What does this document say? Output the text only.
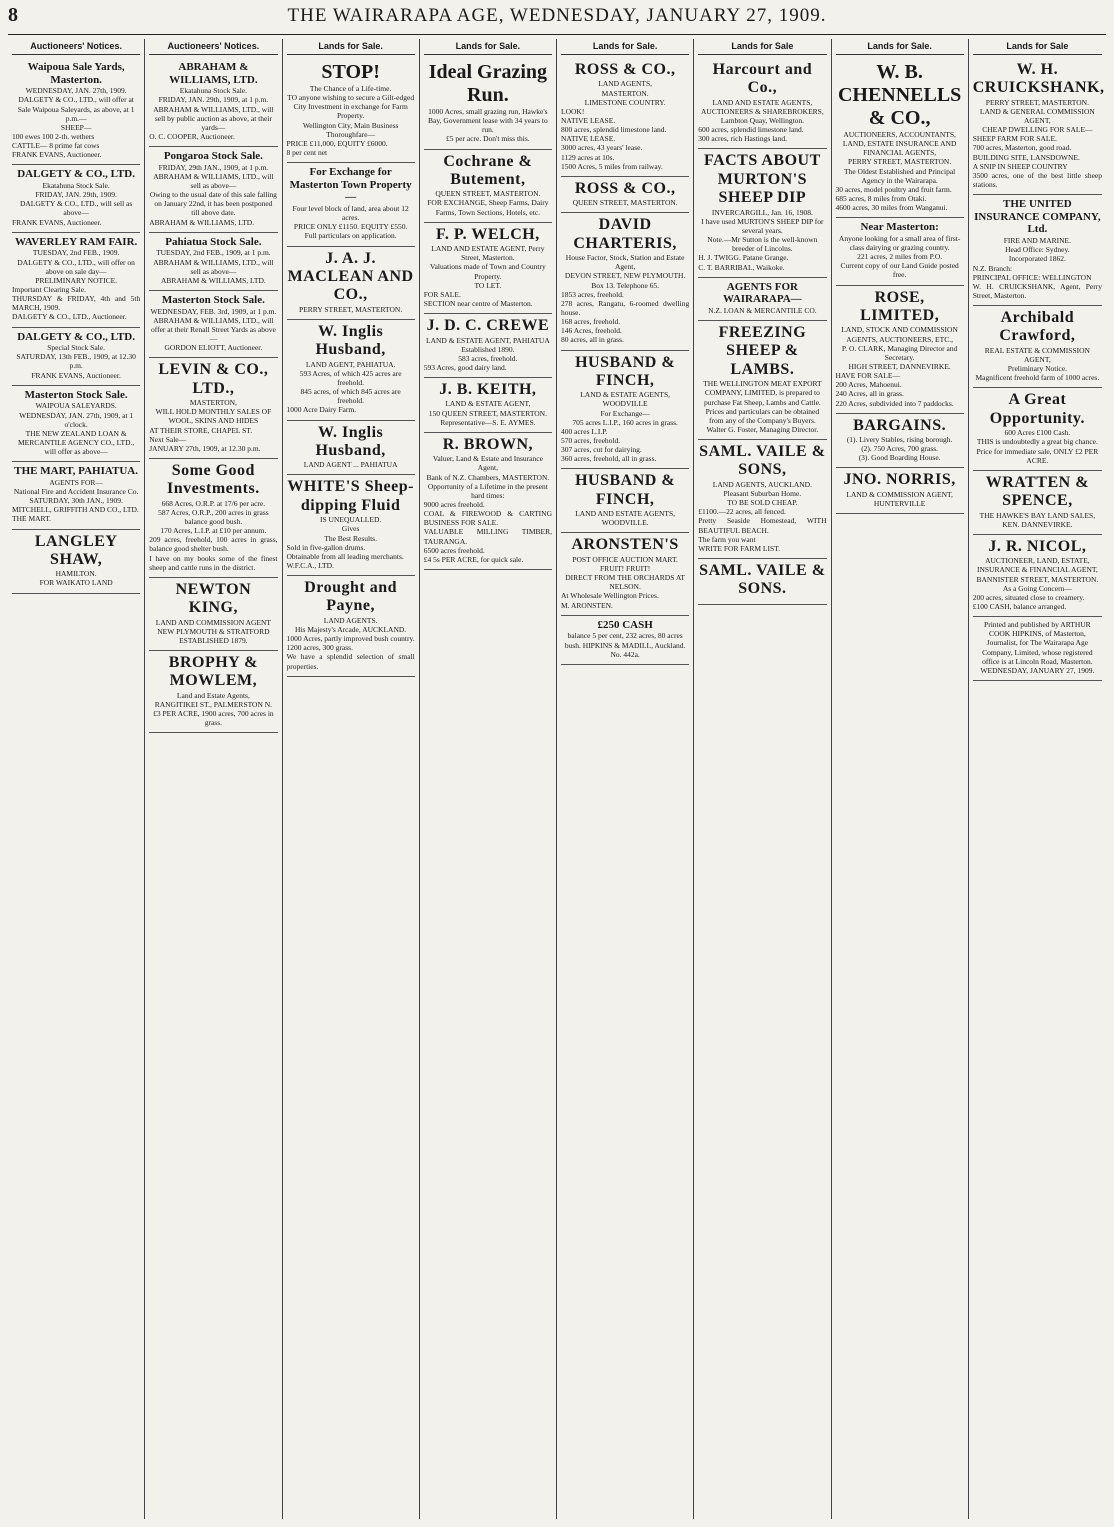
8	THE WAIRARAPA AGE, WEDNESDAY, JANUARY 27, 1909.
Auctioneers' Notices.
Waipoua Sale Yards, Masterton.
WEDNESDAY, JAN. 27th, 1909.
DALGETY & CO., LTD., will offer at Sale Waipoua Saleyards, as above, at 1 p.m.—
SHEEP—
100 ewes 100 2-th. wethers
CATTLE— 8 prime fat cows
FRANK EVANS, Auctioneer.
DALGETY & CO., LTD.
Ekatahuna Stock Sale.
FRIDAY, JAN. 29th, 1909.
DALGETY & CO., LTD., will sell as above—
FRANK EVANS, Auctioneer.
WAVERLEY RAM FAIR.
TUESDAY, 2nd FEB., 1909.
DALGETY & CO., LTD., will offer on above on sale day—
PRELIMINARY NOTICE.
Important Clearing Sale.
THURSDAY & FRIDAY, 4th and 5th MARCH, 1909.
DALGETY & CO., LTD., Auctioneer.
DALGETY & CO., LTD.
Special Stock Sale.
SATURDAY, 13th FEB., 1909, at 12.30 p.m.
FRANK EVANS, Auctioneer.
Masterton Stock Sale.
WAIPOUA SALEYARDS.
WEDNESDAY, JAN. 27th, 1909, at 1 o'clock.
THE NEW ZEALAND LOAN & MERCANTILE AGENCY CO., LTD., will offer as above—
THE MART, PAHIATUA.
AGENTS FOR—
National Fire and Accident Insurance Co.
SATURDAY, 30th JAN., 1909.
MITCHELL, GRIFFITH AND CO., LTD.
THE MART.
LANGLEY SHAW,
HAMILTON.
FOR WAIKATO LAND
Auctioneers' Notices.
ABRAHAM & WILLIAMS, LTD.
Ekatahuna Stock Sale.
FRIDAY, JAN. 29th, 1909, at 1 p.m.
ABRAHAM & WILLIAMS, LTD., will sell by public auction as above, at their yards—
O. C. COOPER, Auctioneer.
Pongaroa Stock Sale.
FRIDAY, 29th JAN., 1909, at 1 p.m.
ABRAHAM & WILLIAMS, LTD., will sell as above—
Owing to the usual date of this sale falling on January 22nd, it has been postponed till above date.
ABRAHAM & WILLIAMS, LTD.
Pahiatua Stock Sale.
TUESDAY, 2nd FEB., 1909, at 1 p.m.
ABRAHAM & WILLIAMS, LTD., will sell as above—
ABRAHAM & WILLIAMS, LTD.
Masterton Stock Sale.
WEDNESDAY, FEB. 3rd, 1909, at 1 p.m.
ABRAHAM & WILLIAMS, LTD., will offer at their Renall Street Yards as above—
GORDON ELIOTT, Auctioneer.
LEVIN & CO., LTD.,
MASTERTON,
WILL HOLD MONTHLY SALES OF
WOOL, SKINS AND HIDES
AT THEIR STORE, CHAPEL ST.
Next Sale—
JANUARY 27th, 1909, at 12.30 p.m.
Some Good Investments.
668 Acres, O.R.P. at 17/6 per acre.
587 Acres, O.R.P., 200 acres in grass balance good bush.
170 Acres, L.I.P. at £10 per annum.
209 acres, freehold, 100 acres in grass, balance good shelter bush.
I have on my books some of the finest sheep and cattle runs in the district.
NEWTON KING,
LAND AND COMMISSION AGENT
NEW PLYMOUTH & STRATFORD
ESTABLISHED 1879.
BROPHY & MOWLEM,
Land and Estate Agents,
RANGITIKEI ST., PALMERSTON N.
£3 PER ACRE, 1900 acres, 700 acres in grass.
Lands for Sale.
STOP!
The Chance of a Life-time.
TO anyone wishing to secure a Gilt-edged City Investment in exchange for Farm Property.
Wellington City, Main Business Thoroughfare—
PRICE £11,000, EQUITY £6000.
8 per cent net
For Exchange for Masterton Town Property—
Four level block of land, area about 12 acres.
PRICE ONLY £1150. EQUITY £550.
Full particulars on application.
J. A. J. MACLEAN AND CO.,
PERRY STREET, MASTERTON.
W. Inglis Husband,
LAND AGENT, PAHIATUA.
593 Acres, of which 425 acres are freehold.
845 acres, of which 845 acres are freehold.
1000 Acre Dairy Farm.
W. Inglis Husband,
LAND AGENT ... PAHIATUA
WHITE'S Sheep-dipping Fluid
IS UNEQUALLED.
Gives
The Best Results.
Sold in five-gallon drums.
Obtainable from all leading merchants.
W.F.C.A., LTD.
Drought and Payne,
LAND AGENTS.
His Majesty's Arcade, AUCKLAND.
1000 Acres, partly improved bush country.
1200 acres, 300 grass.
We have a splendid selection of small properties.
Lands for Sale.
Ideal Grazing Run.
1000 Acres, small grazing run, Hawke's Bay, Government lease with 34 years to run.
£5 per acre. Don't miss this.
Cochrane & Butement,
QUEEN STREET, MASTERTON.
FOR EXCHANGE, Sheep Farms, Dairy Farms, Town Sections, Hotels, etc.
F. P. WELCH,
LAND AND ESTATE AGENT, Perry Street, Masterton.
Valuations made of Town and Country Property.
TO LET.
FOR SALE.
SECTION near centre of Masterton.
J. D. C. CREWE
LAND & ESTATE AGENT, PAHIATUA
Established 1890.
583 acres, freehold.
593 Acres, good dairy land.
J. B. KEITH,
LAND & ESTATE AGENT,
150 QUEEN STREET, MASTERTON.
Representative—S. E. AYMES.
R. BROWN,
Valuer, Land & Estate and Insurance Agent,
Bank of N.Z. Chambers, MASTERTON.
Opportunity of a Lifetime in the present hard times:
9000 acres freehold.
COAL & FIREWOOD & CARTING BUSINESS FOR SALE.
VALUABLE MILLING TIMBER, TAURANGA.
6500 acres freehold.
£4 5s PER ACRE, for quick sale.
Lands for Sale.
ROSS & CO.,
LAND AGENTS,
MASTERTON.
LIMESTONE COUNTRY.
LOOK!
NATIVE LEASE.
800 acres, splendid limestone land.
NATIVE LEASE.
3000 acres, 43 years' lease.
1129 acres at 10s.
1500 Acres, 5 miles from railway.
ROSS & CO.,
QUEEN STREET, MASTERTON.
DAVID CHARTERIS,
House Factor, Stock, Station and Estate Agent,
DEVON STREET, NEW PLYMOUTH.
Box 13. Telephone 65.
1853 acres, freehold.
278 acres, Rangatu, 6-roomed dwelling house.
168 acres, freehold.
146 Acres, freehold.
80 acres, all in grass.
HUSBAND & FINCH,
LAND & ESTATE AGENTS, WOODVILLE
For Exchange—
705 acres L.I.P., 160 acres in grass.
400 acres L.I.P.
570 acres, freehold.
307 acres, cut for dairying.
360 acres, freehold, all in grass.
HUSBAND & FINCH,
LAND AND ESTATE AGENTS,
WOODVILLE.
ARONSTEN'S
POST OFFICE AUCTION MART.
FRUIT! FRUIT!
DIRECT FROM THE ORCHARDS AT NELSON.
At Wholesale Wellington Prices.
M. ARONSTEN.
£250 CASH
balance 5 per cent, 232 acres, 80 acres bush. HIPKINS & MADILL, Auckland. No. 442a.
Lands for Sale
Harcourt and Co.,
LAND AND ESTATE AGENTS,
AUCTIONEERS & SHAREBROKERS,
Lambton Quay, Wellington.
600 acres, splendid limestone land.
300 acres, rich Hastings land.
FACTS ABOUT MURTON'S SHEEP DIP
INVERCARGILL, Jan. 16, 1908.
I have used MURTON'S SHEEP DIP for several years.
Note.—Mr Sutton is the well-known breeder of Lincolns.
H. J. TWIGG. Patane Grange.
C. T. BARRIBAL, Waikoke.
AGENTS FOR WAIRARAPA—
N.Z. LOAN & MERCANTILE CO.
FREEZING SHEEP & LAMBS.
THE WELLINGTON MEAT EXPORT COMPANY, LIMITED, is prepared to purchase Fat Sheep, Lambs and Cattle.
Prices and particulars can be obtained from any of the Company's Buyers.
Walter G. Foster, Managing Director.
SAML. VAILE & SONS,
LAND AGENTS, AUCKLAND.
Pleasant Suburban Home.
TO BE SOLD CHEAP.
£1100.—22 acres, all fenced.
Pretty Seaside Homestead, WITH BEAUTIFUL BEACH.
The farm you want
WRITE FOR FARM LIST.
SAML. VAILE & SONS.
Lands for Sale.
W. B. CHENNELLS & CO.,
AUCTIONEERS, ACCOUNTANTS, LAND, ESTATE INSURANCE AND FINANCIAL AGENTS,
PERRY STREET, MASTERTON.
The Oldest Established and Principal Agency in the Wairarapa.
30 acres, model poultry and fruit farm.
685 acres, 8 miles from Otaki.
4600 acres, 30 miles from Wanganui.
Near Masterton:
Anyone looking for a small area of first-class dairying or grazing country.
221 acres, 2 miles from P.O.
Current copy of our Land Guide posted free.
ROSE, LIMITED,
LAND, STOCK AND COMMISSION AGENTS, AUCTIONEERS, ETC.,
P. O. CLARK, Managing Director and Secretary.
HIGH STREET, DANNEVIRKE.
HAVE FOR SALE—
200 Acres, Mahoenui.
240 Acres, all in grass.
220 Acres, subdivided into 7 paddocks.
BARGAINS.
(1). Livery Stables, rising borough.
(2). 750 Acres, 700 grass.
(3). Good Boarding House.
JNO. NORRIS,
LAND & COMMISSION AGENT,
HUNTERVILLE
Lands for Sale
W. H. CRUICKSHANK,
PERRY STREET, MASTERTON.
LAND & GENERAL COMMISSION AGENT,
CHEAP DWELLING FOR SALE—
SHEEP FARM FOR SALE.
700 acres, Masterton, good road.
BUILDING SITE, LANSDOWNE.
A SNIP IN SHEEP COUNTRY
3500 acres, one of the best little sheep stations.
THE UNITED INSURANCE COMPANY, Ltd.
FIRE AND MARINE.
Head Office: Sydney.
Incorporated 1862.
N.Z. Branch:
PRINCIPAL OFFICE: WELLINGTON
W. H. CRUICKSHANK, Agent, Perry Street, Masterton.
Archibald Crawford,
REAL ESTATE & COMMISSION AGENT,
Preliminary Notice.
Magnificent freehold farm of 1000 acres.
A Great Opportunity.
600 Acres £100 Cash.
THIS is undoubtedly a great big chance.
Price for immediate sale, ONLY £2 PER ACRE.
WRATTEN & SPENCE,
THE HAWKE'S BAY LAND SALES,
KEN. DANNEVIRKE.
J. R. NICOL,
AUCTIONEER, LAND, ESTATE, INSURANCE & FINANCIAL AGENT,
BANNISTER STREET, MASTERTON.
As a Going Concern—
200 acres, situated close to creamery.
£100 CASH, balance arranged.
Printed and published by ARTHUR COOK HIPKINS, of Masterton, Journalist, for The Wairarapa Age Company, Limited, whose registered office is at Lincoln Road, Masterton.
WEDNESDAY, JANUARY 27, 1909.
